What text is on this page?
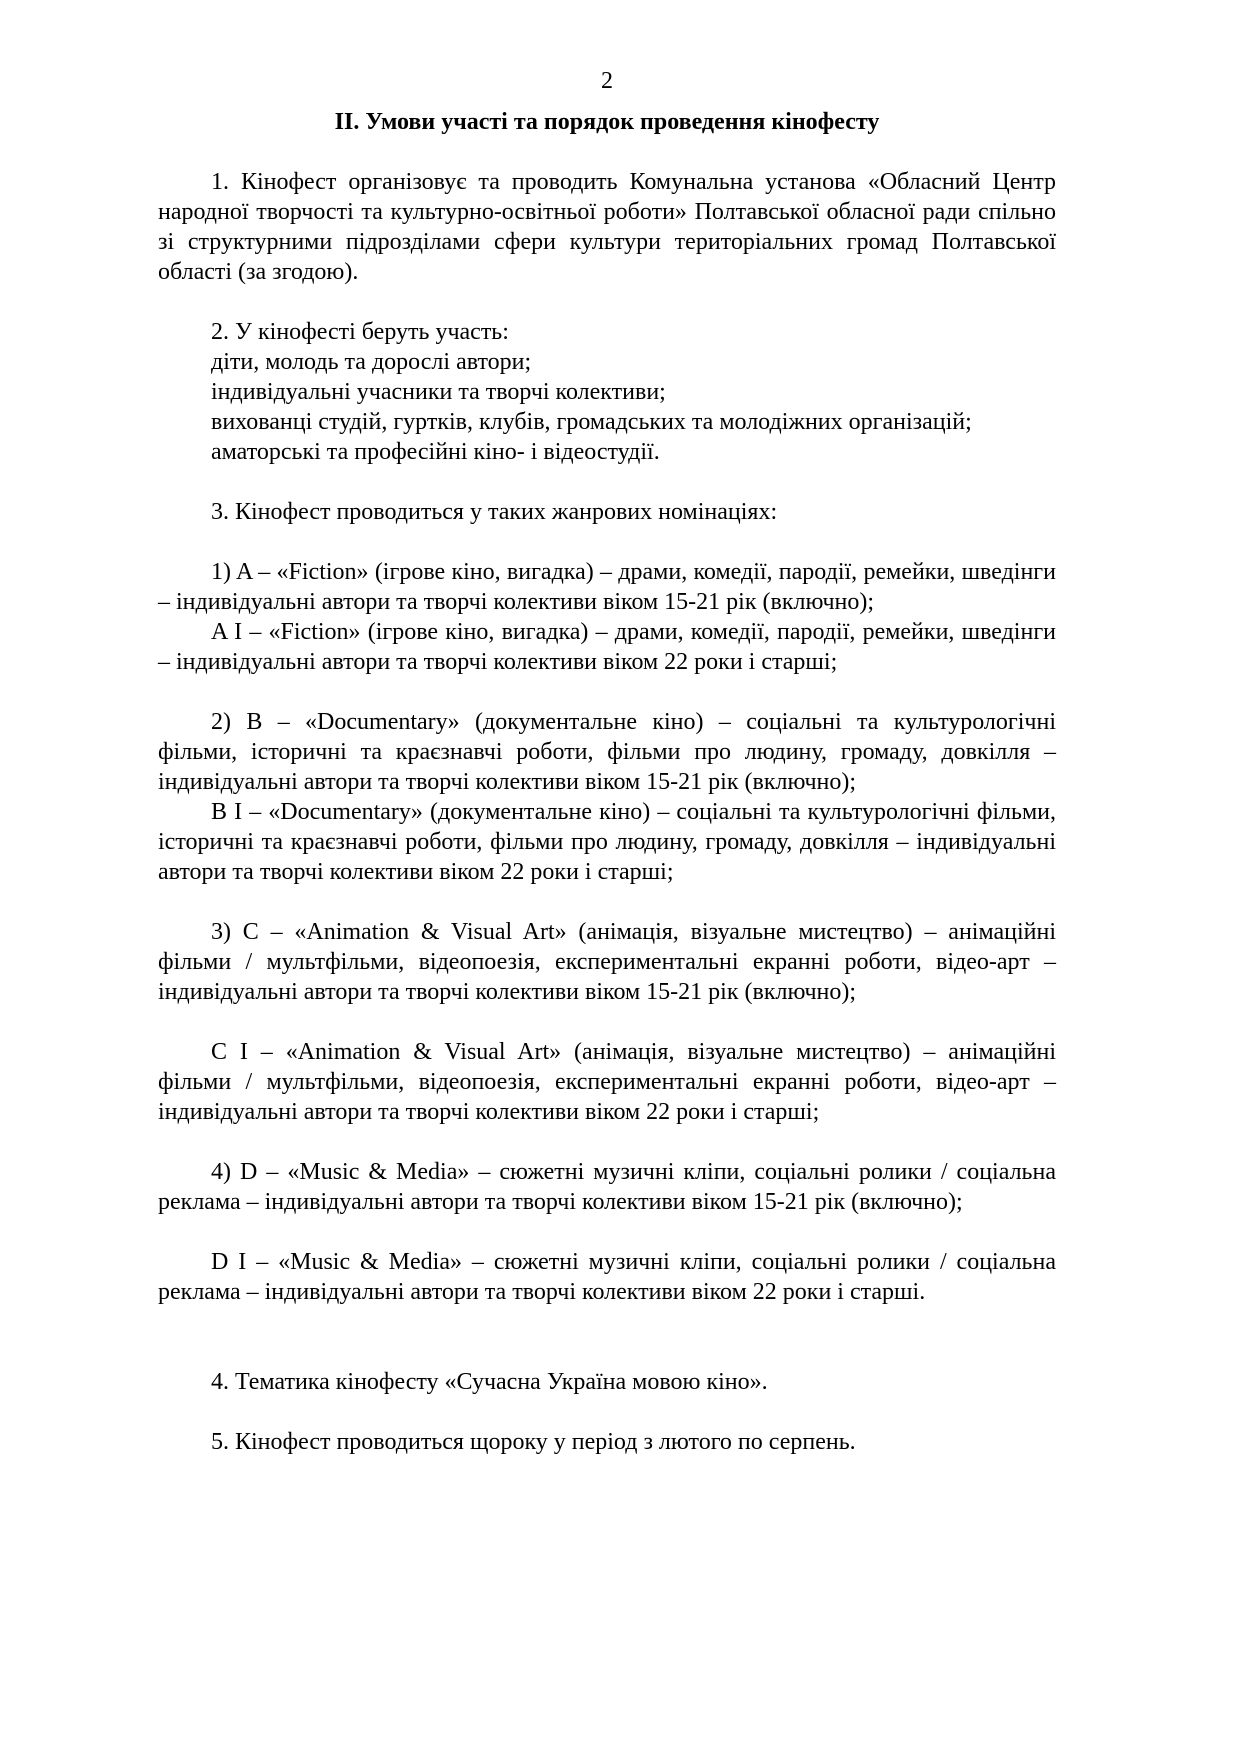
2
II. Умови участі та порядок проведення кінофесту

1. Кінофест організовує та проводить Комунальна установа «Обласний Центр народної творчості та культурно-освітньої роботи» Полтавської обласної ради спільно зі структурними підрозділами сфери культури територіальних громад Полтавської області (за згодою).

2. У кінофесті беруть участь:
діти, молодь та дорослі автори;
індивідуальні учасники та творчі колективи;
вихованці студій, гуртків, клубів, громадських та молодіжних організацій;
аматорські та професійні кіно- і відеостудії.
3. Кінофест проводиться у таких жанрових номінаціях:

1) A – «Fiction» (ігрове кіно, вигадка) – драми, комедії, пародії, ремейки, шведінги – індивідуальні автори та творчі колективи віком 15-21 рік (включно);

A I – «Fiction» (ігрове кіно, вигадка) – драми, комедії, пародії, ремейки, шведінги – індивідуальні автори та творчі колективи віком 22 роки і старші;

2) B – «Documentary» (документальне кіно) – соціальні та культурологічні фільми, історичні та краєзнавчі роботи, фільми про людину, громаду, довкілля – індивідуальні автори та творчі колективи віком 15-21 рік (включно);

B I – «Documentary» (документальне кіно) – соціальні та культурологічні фільми, історичні та краєзнавчі роботи, фільми про людину, громаду, довкілля – індивідуальні автори та творчі колективи віком 22 роки і старші;

3) C – «Animation & Visual Art» (анімація, візуальне мистецтво) – анімаційні фільми / мультфільми, відеопоезія, експериментальні екранні роботи, відео-арт – індивідуальні автори та творчі колективи віком 15-21 рік (включно);

C I – «Animation & Visual Art» (анімація, візуальне мистецтво) – анімаційні фільми / мультфільми, відеопоезія, експериментальні екранні роботи, відео-арт – індивідуальні автори та творчі колективи віком 22 роки і старші;

4) D – «Music & Media» – сюжетні музичні кліпи, соціальні ролики / соціальна реклама – індивідуальні автори та творчі колективи віком 15-21 рік (включно);

D I – «Music & Media» – сюжетні музичні кліпи, соціальні ролики / соціальна реклама – індивідуальні автори та творчі колективи віком 22 роки і старші.

4. Тематика кінофесту «Сучасна Україна мовою кіно».
5. Кінофест проводиться щороку у період з лютого по серпень.
